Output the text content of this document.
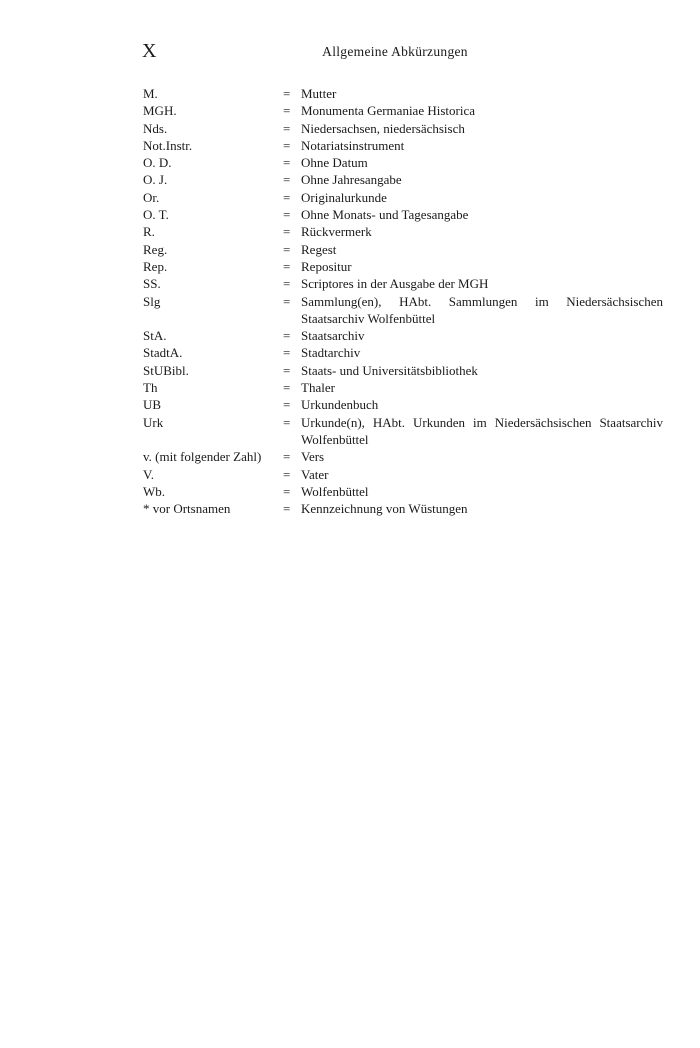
X	Allgemeine Abkürzungen
M.	= Mutter
MGH.	= Monumenta Germaniae Historica
Nds.	= Niedersachsen, niedersächsisch
Not.Instr.	= Notariatsinstrument
O. D.	= Ohne Datum
O. J.	= Ohne Jahresangabe
Or.	= Originalurkunde
O. T.	= Ohne Monats- und Tagesangabe
R.	= Rückvermerk
Reg.	= Regest
Rep.	= Repositur
SS.	= Scriptores in der Ausgabe der MGH
Slg	= Sammlung(en), HAbt. Sammlungen im Niedersächsischen Staatsarchiv Wolfenbüttel
StA.	= Staatsarchiv
StadtA.	= Stadtarchiv
StUBibl.	= Staats- und Universitätsbibliothek
Th	= Thaler
UB	= Urkundenbuch
Urk	= Urkunde(n), HAbt. Urkunden im Niedersächsischen Staatsarchiv Wolfenbüttel
v. (mit folgender Zahl)	= Vers
V.	= Vater
Wb.	= Wolfenbüttel
* vor Ortsnamen	= Kennzeichnung von Wüstungen
